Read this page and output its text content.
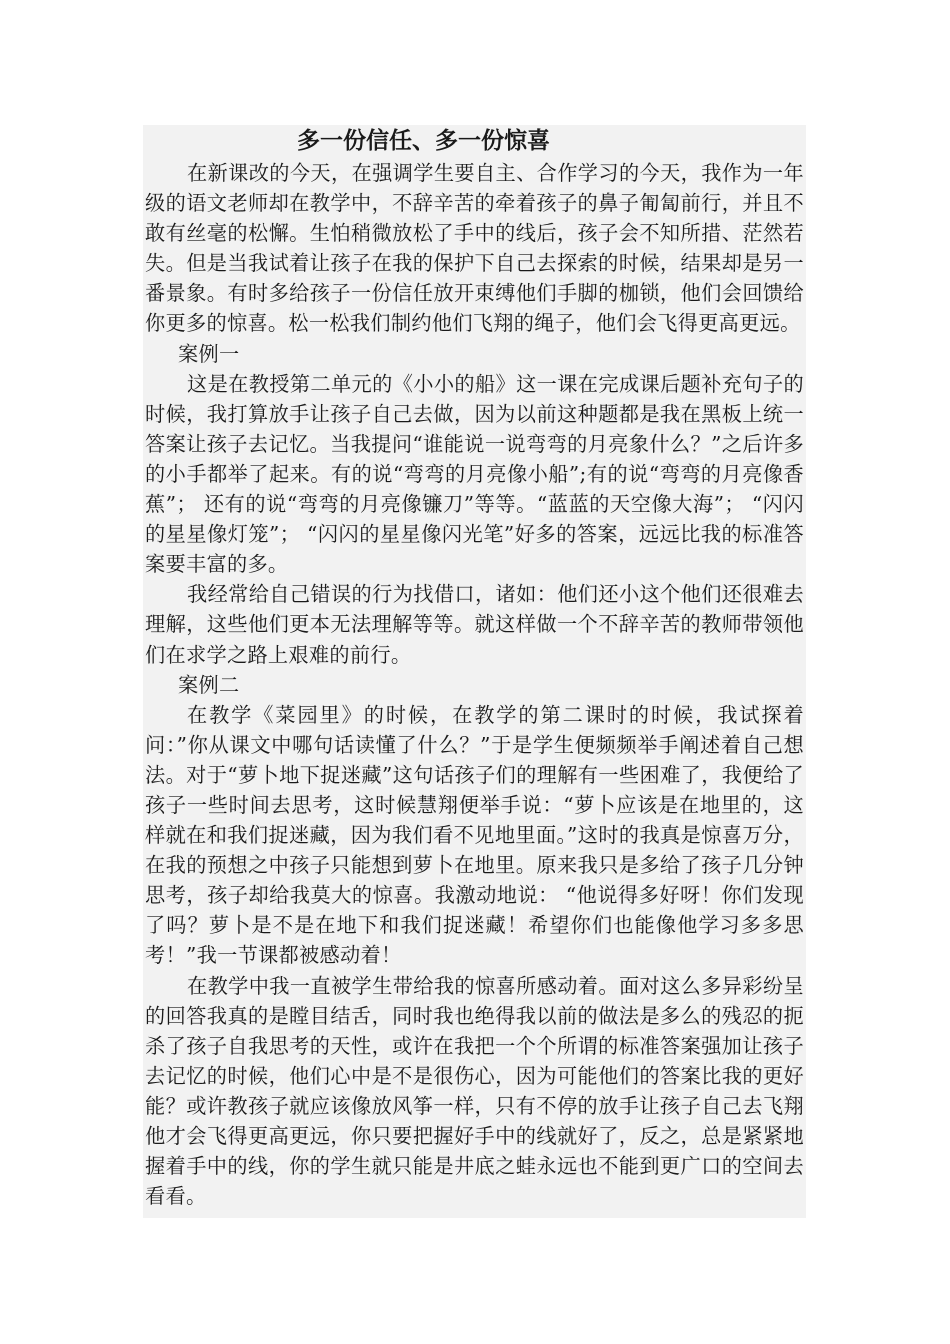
多一份信任、多一份惊喜

在新课改的今天，在强调学生要自主、合作学习的今天，我作为一年级的语文老师却在教学中，不辞辛苦的牵着孩子的鼻子匍匐前行，并且不敢有丝毫的松懈。生怕稍微放松了手中的线后，孩子会不知所措、茫然若失。但是当我试着让孩子在我的保护下自己去探索的时候，结果却是另一番景象。有时多给孩子一份信任放开束缚他们手脚的枷锁，他们会回馈给你更多的惊喜。松一松我们制约他们飞翔的绳子，他们会飞得更高更远。

案例一

这是在教授第二单元的《小小的船》这一课在完成课后题补充句子的时候，我打算放手让孩子自己去做，因为以前这种题都是我在黑板上统一答案让孩子去记忆。当我提问“谁能说一说弯弯的月亮象什么？”之后许多的小手都举了起来。有的说“弯弯的月亮像小船”;有的说“弯弯的月亮像香蕉”； 还有的说“弯弯的月亮像镰刀”等等。“蓝蓝的天空像大海”； “闪闪的星星像灯笼”； “闪闪的星星像闪光笔”好多的答案，远远比我的标准答案要丰富的多。

我经常给自己错误的行为找借口，诸如：他们还小这个他们还很难去理解，这些他们更本无法理解等等。就这样做一个不辞辛苦的教师带领他们在求学之路上艰难的前行。

案例二

在教学《菜园里》的时候，在教学的第二课时的时候，我试探着问：”你从课文中哪句话读懂了什么？”于是学生便频频举手阐述着自己想法。对于“萝卜地下捉迷藏”这句话孩子们的理解有一些困难了，我便给了孩子一些时间去思考，这时候慧翔便举手说：“萝卜应该是在地里的，这样就在和我们捉迷藏，因为我们看不见地里面。”这时的我真是惊喜万分，在我的预想之中孩子只能想到萝卜在地里。原来我只是多给了孩子几分钟思考，孩子却给我莫大的惊喜。我激动地说： “他说得多好呀！你们发现了吗？萝卜是不是在地下和我们捉迷藏！希望你们也能像他学习多多思考！”我一节课都被感动着！

在教学中我一直被学生带给我的惊喜所感动着。面对这么多异彩纷呈的回答我真的是瞠目结舌，同时我也绝得我以前的做法是多么的残忍的扼杀了孩子自我思考的天性，或许在我把一个个所谓的标准答案强加让孩子去记忆的时候，他们心中是不是很伤心，因为可能他们的答案比我的更好能？或许教孩子就应该像放风筝一样，只有不停的放手让孩子自己去飞翔他才会飞得更高更远，你只要把握好手中的线就好了，反之，总是紧紧地握着手中的线，你的学生就只能是井底之蛙永远也不能到更广口的空间去看看。
